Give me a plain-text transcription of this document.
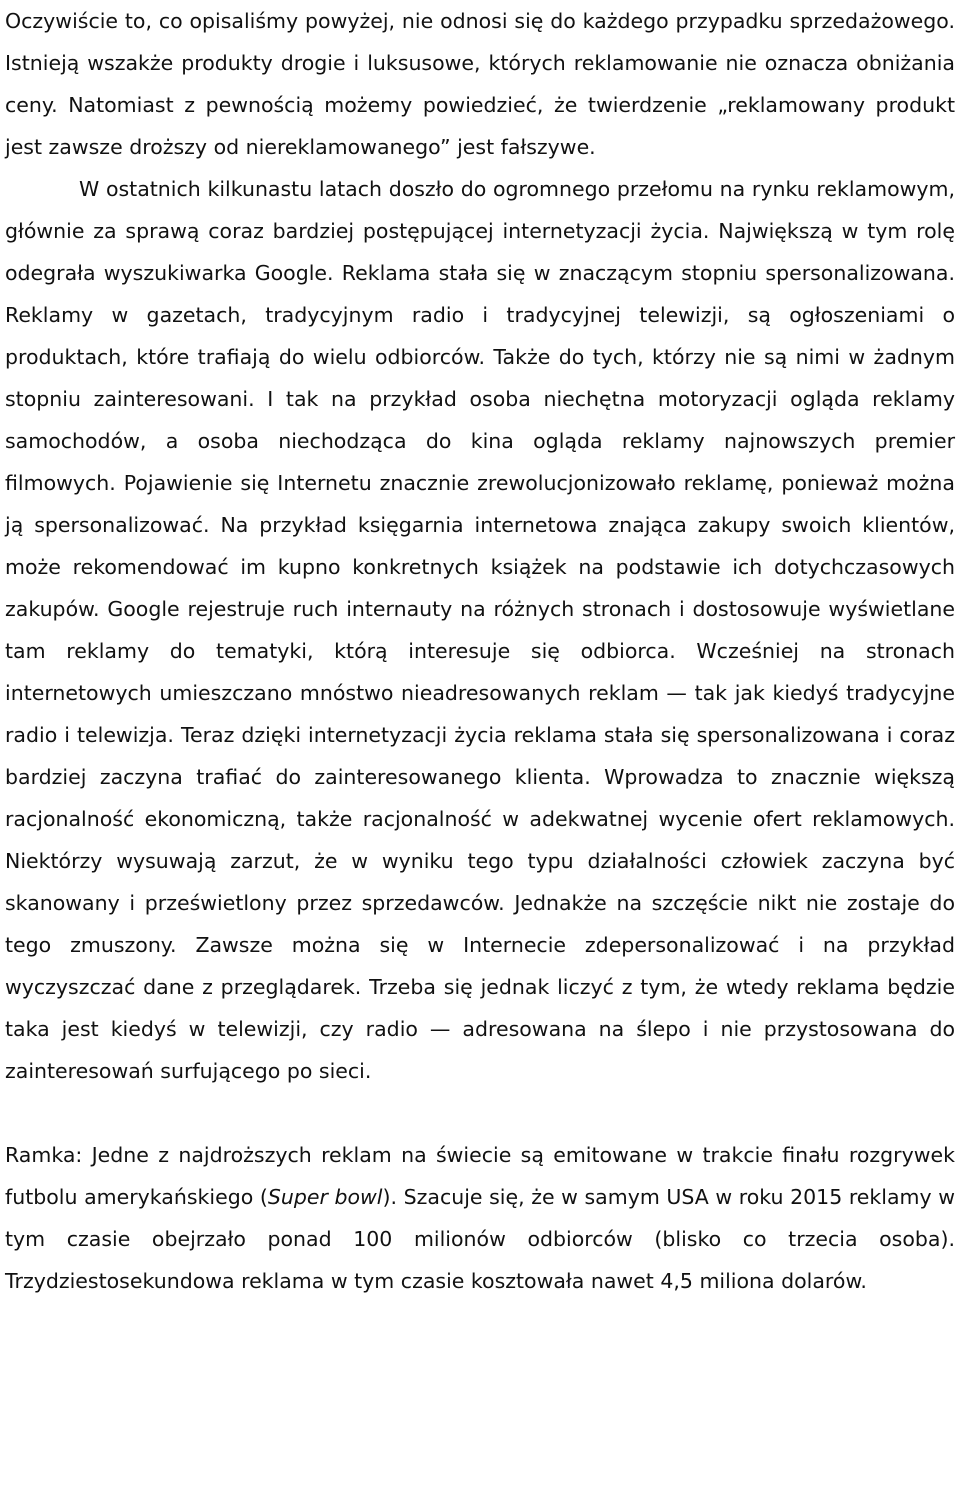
Oczywiście to, co opisaliśmy powyżej, nie odnosi się do każdego przypadku sprzedażowego. Istnieją wszakże produkty drogie i luksusowe, których reklamowanie nie oznacza obniżania ceny. Natomiast z pewnością możemy powiedzieć, że twierdzenie „reklamowany produkt jest zawsze droższy od niereklamowanego” jest fałszywe.

W ostatnich kilkunastu latach doszło do ogromnego przełomu na rynku reklamowym, głównie za sprawą coraz bardziej postępującej internetyzacji życia. Największą w tym rolę odegrała wyszukiwarka Google. Reklama stała się w znaczącym stopniu spersonalizowana. Reklamy w gazetach, tradycyjnym radio i tradycyjnej telewizji, są ogłoszeniami o produktach, które trafiają do wielu odbiorców. Także do tych, którzy nie są nimi w żadnym stopniu zainteresowani. I tak na przykład osoba niechętna motoryzacji ogląda reklamy samochodów, a osoba niechodząca do kina ogląda reklamy najnowszych premier filmowych. Pojawienie się Internetu znacznie zrewolucjonizowało reklamę, ponieważ można ją spersonalizować. Na przykład księgarnia internetowa znająca zakupy swoich klientów, może rekomendować im kupno konkretnych książek na podstawie ich dotychczasowych zakupów. Google rejestruje ruch internauty na różnych stronach i dostosowuje wyświetlane tam reklamy do tematyki, którą interesuje się odbiorca. Wcześniej na stronach internetowych umieszczano mnóstwo nieadresowanych reklam — tak jak kiedyś tradycyjne radio i telewizja. Teraz dzięki internetyzacji życia reklama stała się spersonalizowana i coraz bardziej zaczyna trafiać do zainteresowanego klienta. Wprowadza to znacznie większą racjonalność ekonomiczną, także racjonalność w adekwatnej wycenie ofert reklamowych. Niektórzy wysuwają zarzut, że w wyniku tego typu działalności człowiek zaczyna być skanowany i prześwietlony przez sprzedawców. Jednakże na szczęście nikt nie zostaje do tego zmuszony. Zawsze można się w Internecie zdepersonalizować i na przykład wyczyszczać dane z przeglądarek. Trzeba się jednak liczyć z tym, że wtedy reklama będzie taka jest kiedyś w telewizji, czy radio — adresowana na ślepo i nie przystosowana do zainteresowań surfującego po sieci.

Ramka: Jedne z najdroższych reklam na świecie są emitowane w trakcie finału rozgrywek futbolu amerykańskiego (Super bowl). Szacuje się, że w samym USA w roku 2015 reklamy w tym czasie obejrzało ponad 100 milionów odbiorców (blisko co trzecia osoba). Trzydziestosekundowa reklama w tym czasie kosztowała nawet 4,5 miliona dolarów.
